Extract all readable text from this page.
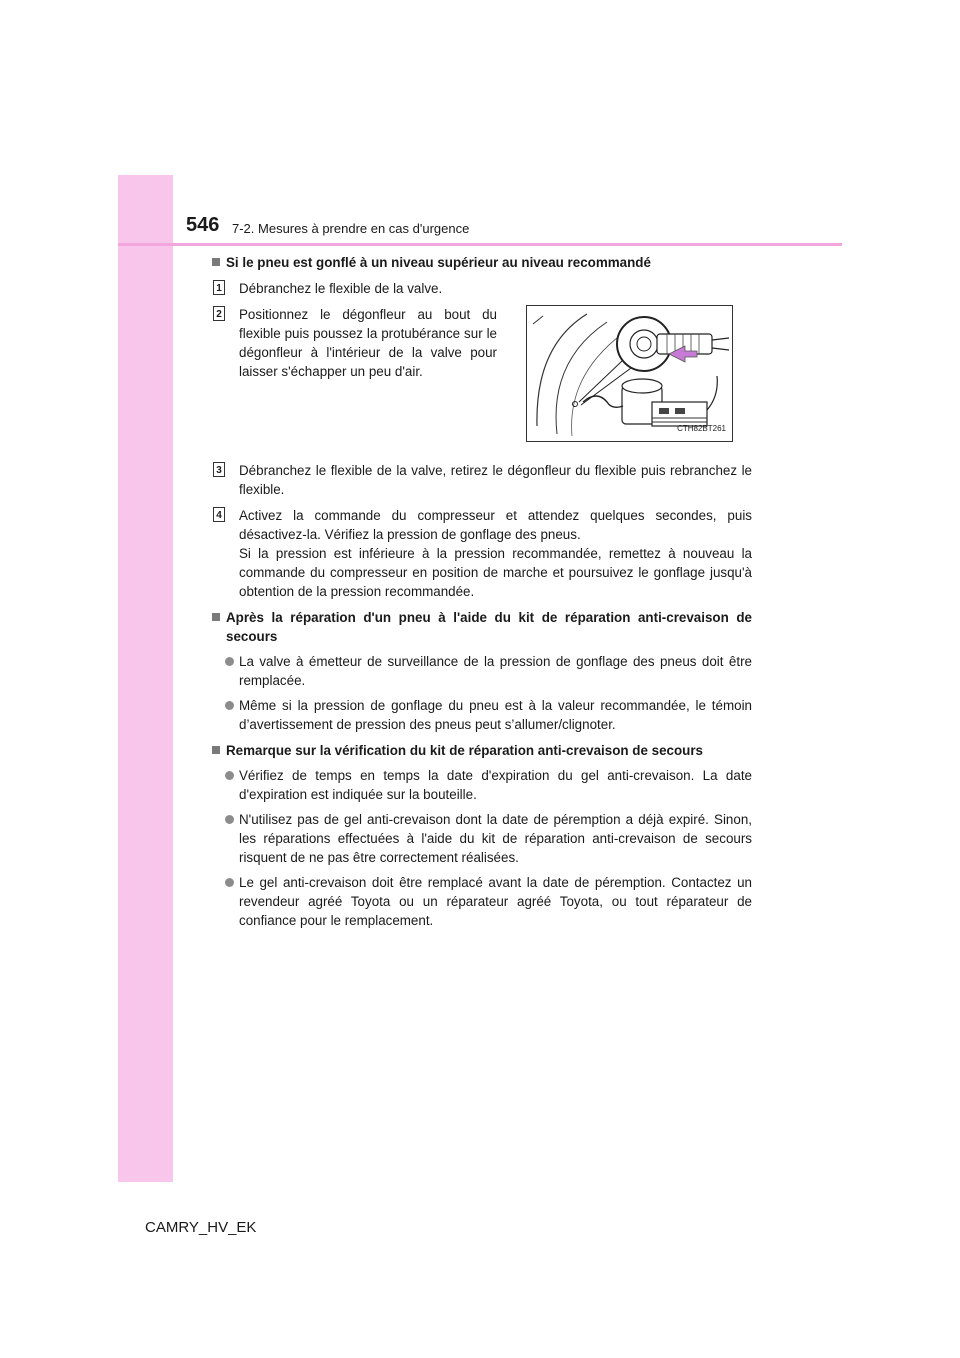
546 7-2. Mesures à prendre en cas d'urgence
Si le pneu est gonflé à un niveau supérieur au niveau recommandé
1 Débranchez le flexible de la valve.
2 Positionnez le dégonfleur au bout du flexible puis poussez la protubérance sur le dégonfleur à l'intérieur de la valve pour laisser s'échapper un peu d'air.
CTH82BT261
3 Débranchez le flexible de la valve, retirez le dégonfleur du flexible puis rebranchez le flexible.
4 Activez la commande du compresseur et attendez quelques secondes, puis désactivez-la. Vérifiez la pression de gonflage des pneus.
Si la pression est inférieure à la pression recommandée, remettez à nouveau la commande du compresseur en position de marche et poursuivez le gonflage jusqu'à obtention de la pression recommandée.
Après la réparation d'un pneu à l'aide du kit de réparation anti-crevaison de secours
La valve à émetteur de surveillance de la pression de gonflage des pneus doit être remplacée.
Même si la pression de gonflage du pneu est à la valeur recommandée, le témoin d’avertissement de pression des pneus peut s’allumer/clignoter.
Remarque sur la vérification du kit de réparation anti-crevaison de secours
Vérifiez de temps en temps la date d'expiration du gel anti-crevaison. La date d'expiration est indiquée sur la bouteille.
N'utilisez pas de gel anti-crevaison dont la date de péremption a déjà expiré. Sinon, les réparations effectuées à l'aide du kit de réparation anti-crevaison de secours risquent de ne pas être correctement réalisées.
Le gel anti-crevaison doit être remplacé avant la date de péremption. Contactez un revendeur agréé Toyota ou un réparateur agréé Toyota, ou tout réparateur de confiance pour le remplacement.
CAMRY_HV_EK
